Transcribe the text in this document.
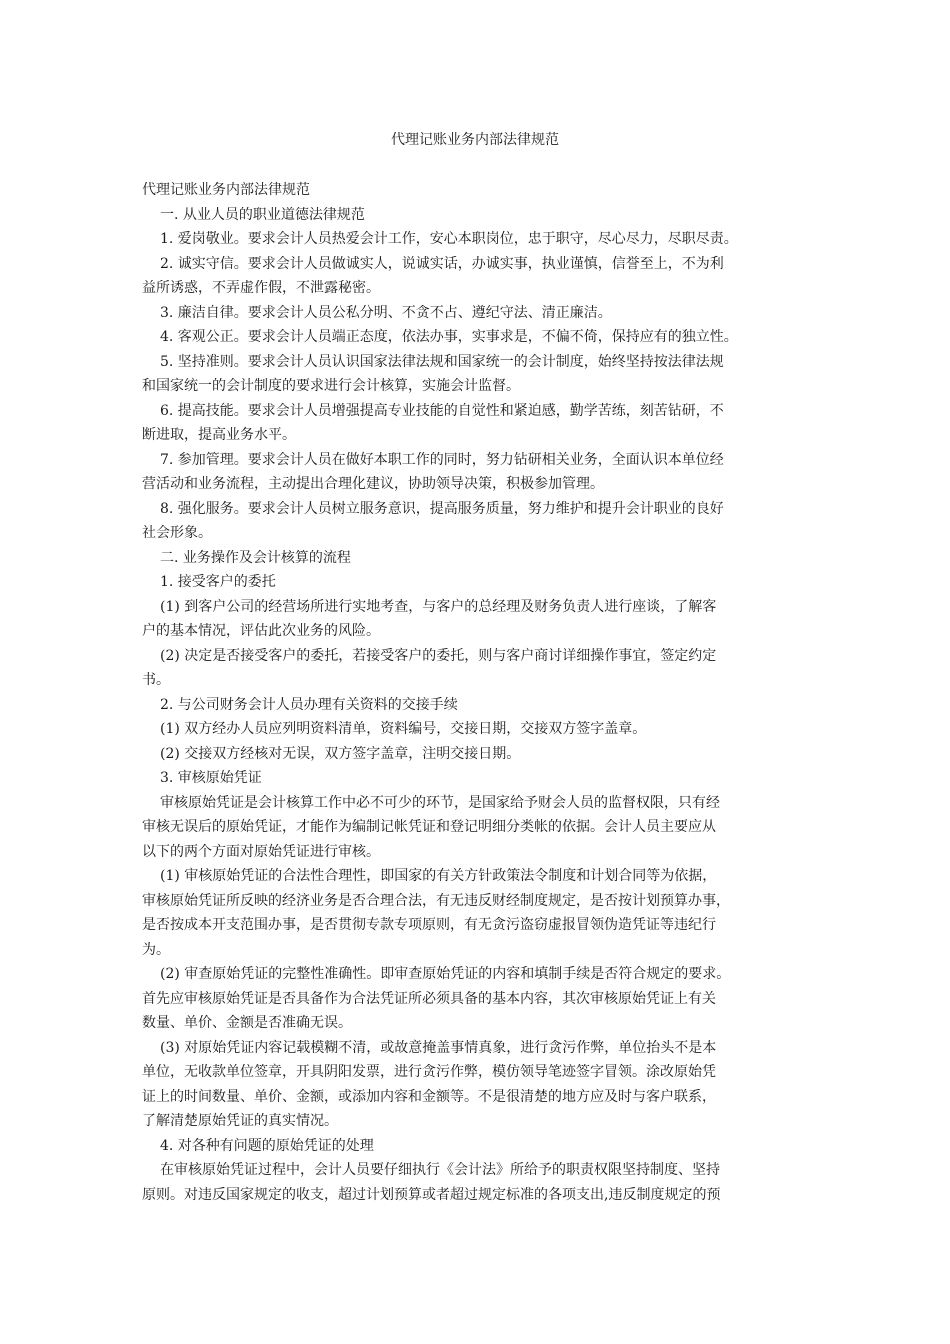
代理记账业务内部法律规范

代理记账业务内部法律规范

一. 从业人员的职业道德法律规范

1. 爱岗敬业。要求会计人员热爱会计工作，安心本职岗位，忠于职守，尽心尽力，尽职尽责。

2. 诚实守信。要求会计人员做诚实人，说诚实话，办诚实事，执业谨慎，信誉至上，不为利

益所诱惑，不弄虚作假，不泄露秘密。

3. 廉洁自律。要求会计人员公私分明、不贪不占、遵纪守法、清正廉洁。

4. 客观公正。要求会计人员端正态度，依法办事，实事求是，不偏不倚，保持应有的独立性。

5. 坚持准则。要求会计人员认识国家法律法规和国家统一的会计制度，始终坚持按法律法规

和国家统一的会计制度的要求进行会计核算，实施会计监督。

6. 提高技能。要求会计人员增强提高专业技能的自觉性和紧迫感，勤学苦练，刻苦钻研，不

断进取，提高业务水平。

7. 参加管理。要求会计人员在做好本职工作的同时，努力钻研相关业务，全面认识本单位经

营活动和业务流程，主动提出合理化建议，协助领导决策，积极参加管理。

8. 强化服务。要求会计人员树立服务意识，提高服务质量，努力维护和提升会计职业的良好

社会形象。

二. 业务操作及会计核算的流程

1. 接受客户的委托

(1) 到客户公司的经营场所进行实地考查，与客户的总经理及财务负责人进行座谈，了解客

户的基本情况，评估此次业务的风险。

(2) 决定是否接受客户的委托，若接受客户的委托，则与客户商讨详细操作事宜，签定约定

书。

2. 与公司财务会计人员办理有关资料的交接手续

(1) 双方经办人员应列明资料清单，资料编号，交接日期，交接双方签字盖章。

(2) 交接双方经核对无误，双方签字盖章，注明交接日期。

3. 审核原始凭证

审核原始凭证是会计核算工作中必不可少的环节，是国家给予财会人员的监督权限，只有经

审核无误后的原始凭证，才能作为编制记帐凭证和登记明细分类帐的依据。会计人员主要应从

以下的两个方面对原始凭证进行审核。

(1) 审核原始凭证的合法性合理性，即国家的有关方针政策法令制度和计划合同等为依据，

审核原始凭证所反映的经济业务是否合理合法，有无违反财经制度规定，是否按计划预算办事，

是否按成本开支范围办事，是否贯彻专款专项原则，有无贪污盗窃虚报冒领伪造凭证等违纪行

为。

(2) 审查原始凭证的完整性准确性。即审查原始凭证的内容和填制手续是否符合规定的要求。

首先应审核原始凭证是否具备作为合法凭证所必须具备的基本内容，其次审核原始凭证上有关

数量、单价、金额是否准确无误。

(3) 对原始凭证内容记载模糊不清，或故意掩盖事情真象，进行贪污作弊，单位抬头不是本

单位，无收款单位签章，开具阴阳发票，进行贪污作弊，模仿领导笔迹签字冒领。涂改原始凭

证上的时间数量、单价、金额，或添加内容和金额等。不是很清楚的地方应及时与客户联系，

了解清楚原始凭证的真实情况。

4. 对各种有问题的原始凭证的处理

在审核原始凭证过程中，会计人员要仔细执行《会计法》所给予的职责权限坚持制度、坚持

原则。对违反国家规定的收支，超过计划预算或者超过规定标准的各项支出,违反制度规定的预
